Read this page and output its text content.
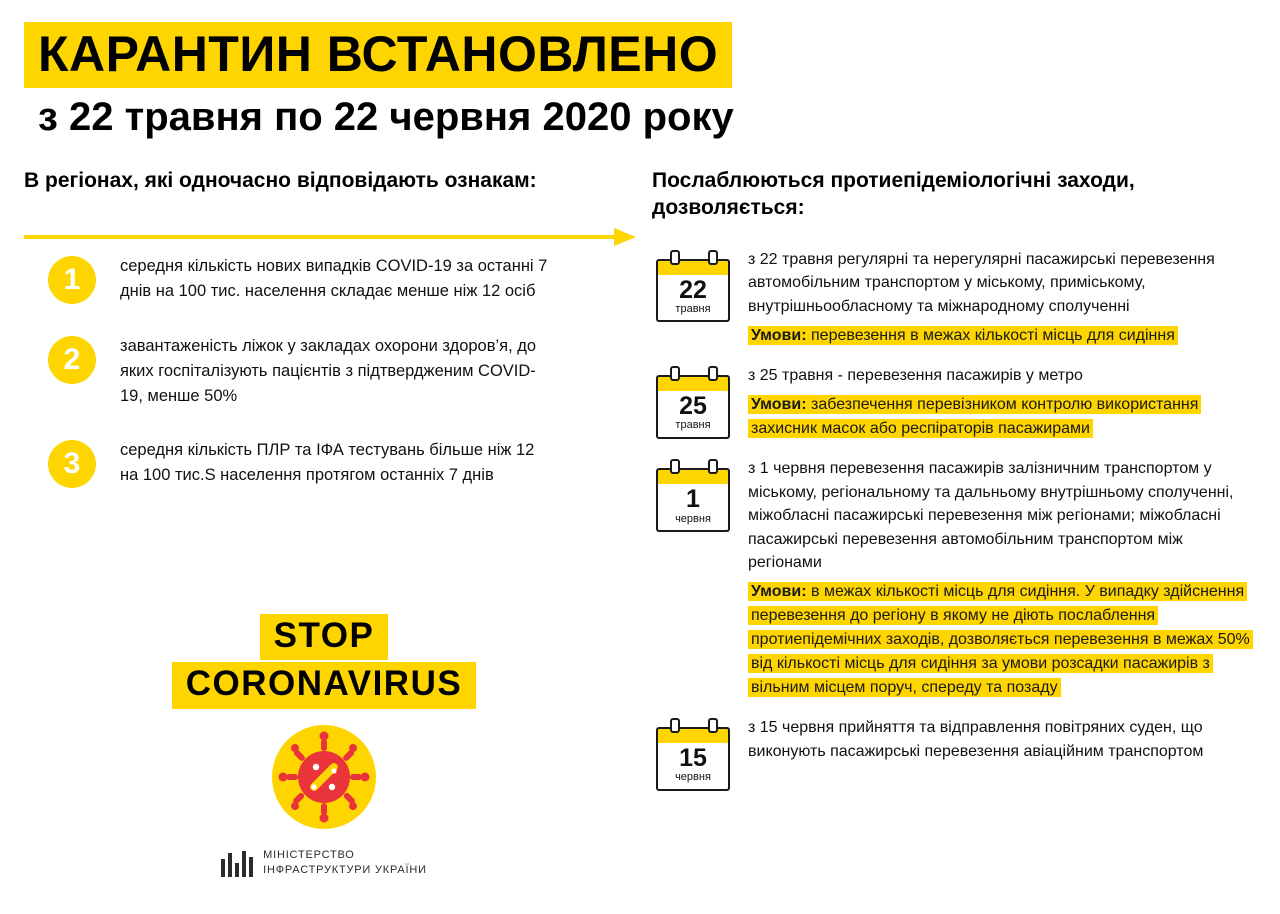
КАРАНТИН ВСТАНОВЛЕНО
з 22 травня по 22 червня 2020 року
В регіонах, які одночасно відповідають ознакам:
1	середня кількість нових випадків COVID-19 за останні 7 днів на 100 тис. населення складає менше ніж 12 осіб
2	завантаженість ліжок у закладах охорони здоров’я, до яких госпіталізують пацієнтів з підтвердженим COVID-19, менше 50%
3	середня кількість ПЛР та ІФА тестувань більше ніж 12 на 100 тис.S населення протягом останніх 7 днів
STOP
CORONAVIRUS
МІНІСТЕРСТВО
ІНФРАСТРУКТУРИ УКРАЇНИ
Послаблюються протиепідеміологічні заходи, дозволяється:
22
травня
з 22 травня регулярні та нерегулярні пасажирські перевезення автомобільним транспортом у міському, приміському, внутрішньообласному та міжнародному сполученні
Умови: перевезення в межах кількості місць для сидіння
25
травня
з 25 травня - перевезення пасажирів у метро
Умови: забезпечення перевізником контролю використання захисник масок або респіраторів пасажирами
1
червня
з 1 червня перевезення пасажирів залізничним транспортом у міському, регіональному та дальньому внутрішньому сполученні, міжобласні пасажирські перевезення між регіонами; міжобласні пасажирські перевезення автомобільним транспортом між регіонами
Умови: в межах кількості місць для сидіння. У випадку здійснення перевезення до регіону в якому не діють послаблення протиепідемічних заходів, дозволяється перевезення в межах 50% від кількості місць для сидіння за умови розсадки пасажирів з вільним місцем поруч, спереду та позаду
15
червня
з 15 червня прийняття та відправлення повітряних суден, що виконують пасажирські перевезення авіаційним транспортом
